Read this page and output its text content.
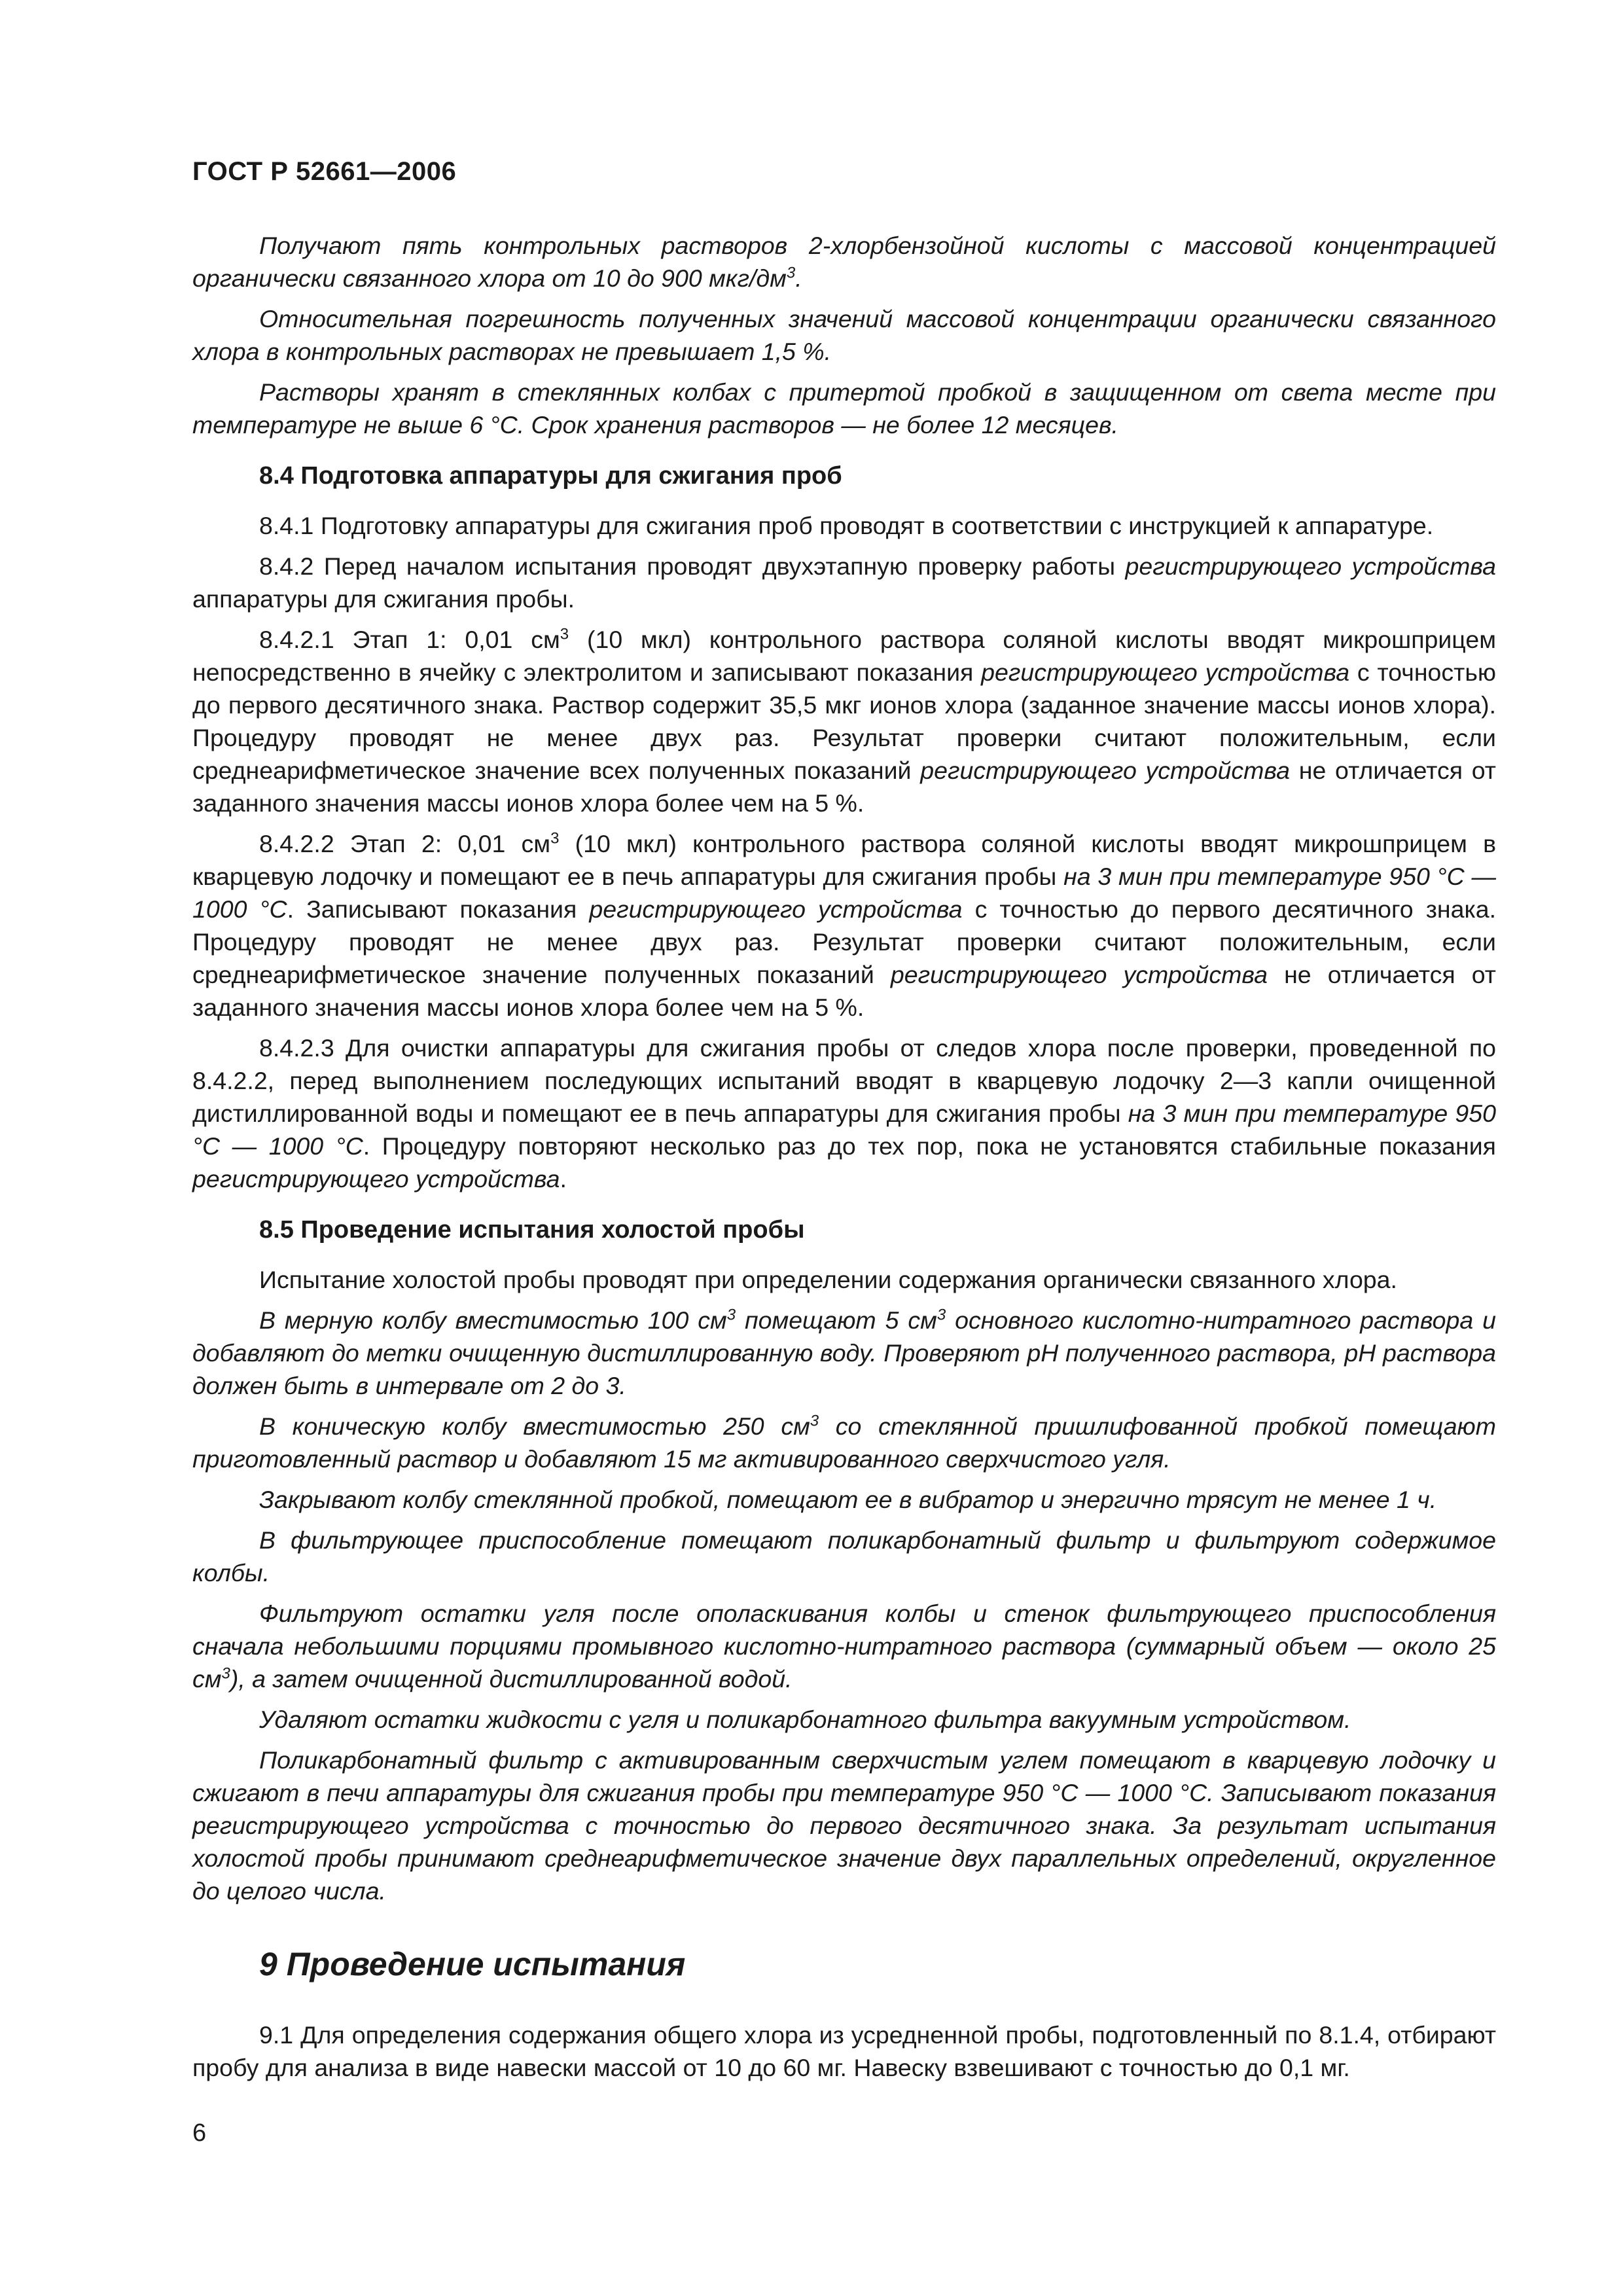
ГОСТ Р 52661—2006

Получают пять контрольных растворов 2-хлорбензойной кислоты с массовой концентрацией органически связанного хлора от 10 до 900 мкг/$дм^3$.

Относительная погрешность полученных значений массовой концентрации органически связанного хлора в контрольных растворах не превышает 1,5 %.

Растворы хранят в стеклянных колбах с притертой пробкой в защищенном от света месте при температуре не выше 6 °С. Срок хранения растворов — не более 12 месяцев.

8.4 Подготовка аппаратуры для сжигания проб

8.4.1 Подготовку аппаратуры для сжигания проб проводят в соответствии с инструкцией к аппаратуре.

8.4.2 Перед началом испытания проводят двухэтапную проверку работы регистрирующего устройства аппаратуры для сжигания пробы.

8.4.2.1 Этап 1: 0,01 $см^3$ (10 мкл) контрольного раствора соляной кислоты вводят микрошприцем непосредственно в ячейку с электролитом и записывают показания регистрирующего устройства с точностью до первого десятичного знака. Раствор содержит 35,5 мкг ионов хлора (заданное значение массы ионов хлора). Процедуру проводят не менее двух раз. Результат проверки считают положительным, если среднеарифметическое значение всех полученных показаний регистрирующего устройства не отличается от заданного значения массы ионов хлора более чем на 5 %.

8.4.2.2 Этап 2: 0,01 $см^3$ (10 мкл) контрольного раствора соляной кислоты вводят микрошприцем в кварцевую лодочку и помещают ее в печь аппаратуры для сжигания пробы на 3 мин при температуре 950 °С — 1000 °С. Записывают показания регистрирующего устройства с точностью до первого десятичного знака. Процедуру проводят не менее двух раз. Результат проверки считают положительным, если среднеарифметическое значение полученных показаний регистрирующего устройства не отличается от заданного значения массы ионов хлора более чем на 5 %.

8.4.2.3 Для очистки аппаратуры для сжигания пробы от следов хлора после проверки, проведенной по 8.4.2.2, перед выполнением последующих испытаний вводят в кварцевую лодочку 2—3 капли очищенной дистиллированной воды и помещают ее в печь аппаратуры для сжигания пробы на 3 мин при температуре 950 °С — 1000 °С. Процедуру повторяют несколько раз до тех пор, пока не установятся стабильные показания регистрирующего устройства.

8.5 Проведение испытания холостой пробы

Испытание холостой пробы проводят при определении содержания органически связанного хлора.

В мерную колбу вместимостью 100 $см^3$ помещают 5 $см^3$ основного кислотно-нитратного раствора и добавляют до метки очищенную дистиллированную воду. Проверяют pH полученного раствора, pH раствора должен быть в интервале от 2 до 3.

В коническую колбу вместимостью 250 $см^3$ со стеклянной пришлифованной пробкой помещают приготовленный раствор и добавляют 15 мг активированного сверхчистого угля.

Закрывают колбу стеклянной пробкой, помещают ее в вибратор и энергично трясут не менее 1 ч.

В фильтрующее приспособление помещают поликарбонатный фильтр и фильтруют содержимое колбы.

Фильтруют остатки угля после ополаскивания колбы и стенок фильтрующего приспособления сначала небольшими порциями промывного кислотно-нитратного раствора (суммарный объем — около 25 $см^3$), а затем очищенной дистиллированной водой.

Удаляют остатки жидкости с угля и поликарбонатного фильтра вакуумным устройством.

Поликарбонатный фильтр с активированным сверхчистым углем помещают в кварцевую лодочку и сжигают в печи аппаратуры для сжигания пробы при температуре 950 °С — 1000 °С. Записывают показания регистрирующего устройства с точностью до первого десятичного знака. За результат испытания холостой пробы принимают среднеарифметическое значение двух параллельных определений, округленное до целого числа.

9 Проведение испытания

9.1 Для определения содержания общего хлора из усредненной пробы, подготовленный по 8.1.4, отбирают пробу для анализа в виде навески массой от 10 до 60 мг. Навеску взвешивают с точностью до 0,1 мг.

6
